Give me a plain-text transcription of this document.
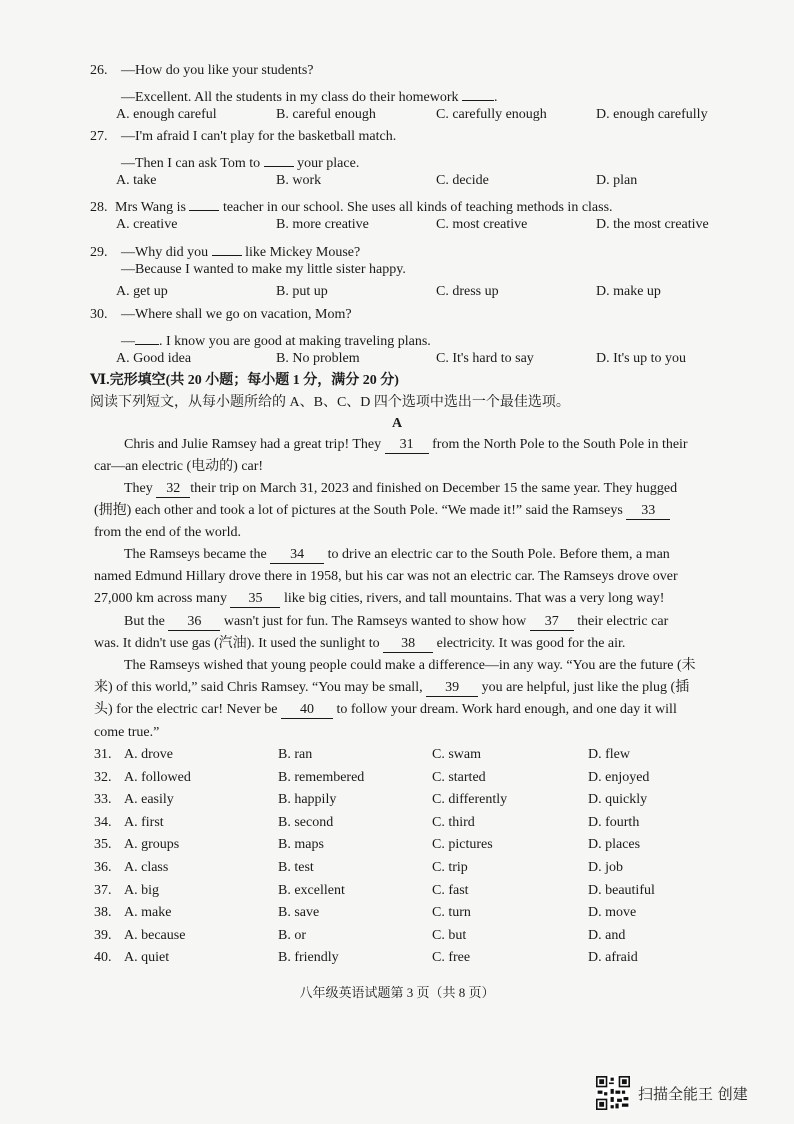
26. —How do you like your students?
—Excellent. All the students in my class do their homework .
A. enough careful	B. careful enough	C. carefully enough	D. enough carefully
27. —I'm afraid I can't play for the basketball match.
—Then I can ask Tom to  your place.
A. take	B. work	C. decide	D. plan
28. Mrs Wang is  teacher in our school. She uses all kinds of teaching methods in class.
A. creative	B. more creative	C. most creative	D. the most creative
29. —Why did you  like Mickey Mouse?
—Because I wanted to make my little sister happy.
A. get up	B. put up	C. dress up	D. make up
30. —Where shall we go on vacation, Mom?
— . I know you are good at making traveling plans.
A. Good idea	B. No problem	C. It's hard to say	D. It's up to you
Ⅵ.完形填空(共 20 小题；每小题 1 分，满分 20 分)
阅读下列短文，从每小题所给的 A、B、C、D 四个选项中选出一个最佳选项。
A
Chris and Julie Ramsey had a great trip! They 31 from the North Pole to the South Pole in their
car—an electric (电动的) car!
They 32 their trip on March 31, 2023 and finished on December 15 the same year. They hugged
(拥抱) each other and took a lot of pictures at the South Pole. “We made it!” said the Ramseys 33
from the end of the world.
The Ramseys became the 34 to drive an electric car to the South Pole. Before them, a man
named Edmund Hillary drove there in 1958, but his car was not an electric car. The Ramseys drove over
27,000 km across many 35 like big cities, rivers, and tall mountains. That was a very long way!
But the 36 wasn't just for fun. The Ramseys wanted to show how 37 their electric car
was. It didn't use gas (汽油). It used the sunlight to 38 electricity. It was good for the air.
The Ramseys wished that young people could make a difference—in any way. “You are the future (未
来) of this world,” said Chris Ramsey. “You may be small, 39 you are helpful, just like the plug (插
头) for the electric car! Never be 40 to follow your dream. Work hard enough, and one day it will
come true.”
31. A. drove	B. ran	C. swam	D. flew
32. A. followed	B. remembered	C. started	D. enjoyed
33. A. easily	B. happily	C. differently	D. quickly
34. A. first	B. second	C. third	D. fourth
35. A. groups	B. maps	C. pictures	D. places
36. A. class	B. test	C. trip	D. job
37. A. big	B. excellent	C. fast	D. beautiful
38. A. make	B. save	C. turn	D. move
39. A. because	B. or	C. but	D. and
40. A. quiet	B. friendly	C. free	D. afraid
八年级英语试题第 3 页（共 8 页）
扫描全能王 创建
